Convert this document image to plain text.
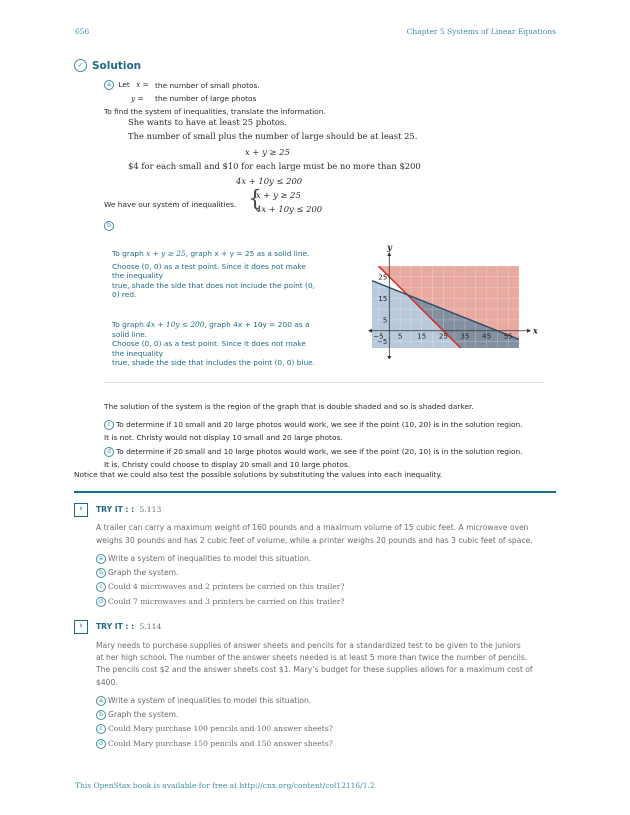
656	Chapter 5 Systems of Linear Equations
✓ Solution
a Let x = the number of small photos.
y = the number of large photos
To find the system of inequalities, translate the information.
She wants to have at least 25 photos.
The number of small plus the number of large should be at least 25.
x + y ≥ 25
$4 for each small and $10 for each large must be no more than $200
4x + 10y ≤ 200
We have our system of inequalities. {
x + y ≥ 25
4x + 10y ≤ 200
b
To graph x + y ≥ 25, graph x + y = 25 as a solid line.
Choose (0, 0) as a test point. Since it does not make
the inequality
true, shade the side that does not include the point (0,
0) red.
To graph 4x + 10y ≤ 200, graph 4x + 10y = 200 as a
solid line.
Choose (0, 0) as a test point. Since it does not make
the inequality
true, shade the side that includes the point (0, 0) blue.
x
y
−5 5 15 25 35 45 55
25
15
5
−5
The solution of the system is the region of the graph that is double shaded and so is shaded darker.
c To determine if 10 small and 20 large photos would work, we see if the point (10, 20) is in the solution region.
It is not. Christy would not display 10 small and 20 large photos.
d To determine if 20 small and 10 large photos would work, we see if the point (20, 10) is in the solution region.
It is. Christy could choose to display 20 small and 10 large photos.
Notice that we could also test the possible solutions by substituting the values into each inequality.
›	TRY IT : : 5.113
A trailer can carry a maximum weight of 160 pounds and a maximum volume of 15 cubic feet. A microwave oven
weighs 30 pounds and has 2 cubic feet of volume, while a printer weighs 20 pounds and has 3 cubic feet of space.
a Write a system of inequalities to model this situation.
b Graph the system.
c Could 4 microwaves and 2 printers be carried on this trailer?
d Could 7 microwaves and 3 printers be carried on this trailer?
›	TRY IT : : 5.114
Mary needs to purchase supplies of answer sheets and pencils for a standardized test to be given to the juniors
at her high school. The number of the answer sheets needed is at least 5 more than twice the number of pencils.
The pencils cost $2 and the answer sheets cost $1. Mary’s budget for these supplies allows for a maximum cost of
$400.
a Write a system of inequalities to model this situation.
b Graph the system.
c Could Mary purchase 100 pencils and 100 answer sheets?
d Could Mary purchase 150 pencils and 150 answer sheets?
This OpenStax book is available for free at http://cnx.org/content/col12116/1.2
